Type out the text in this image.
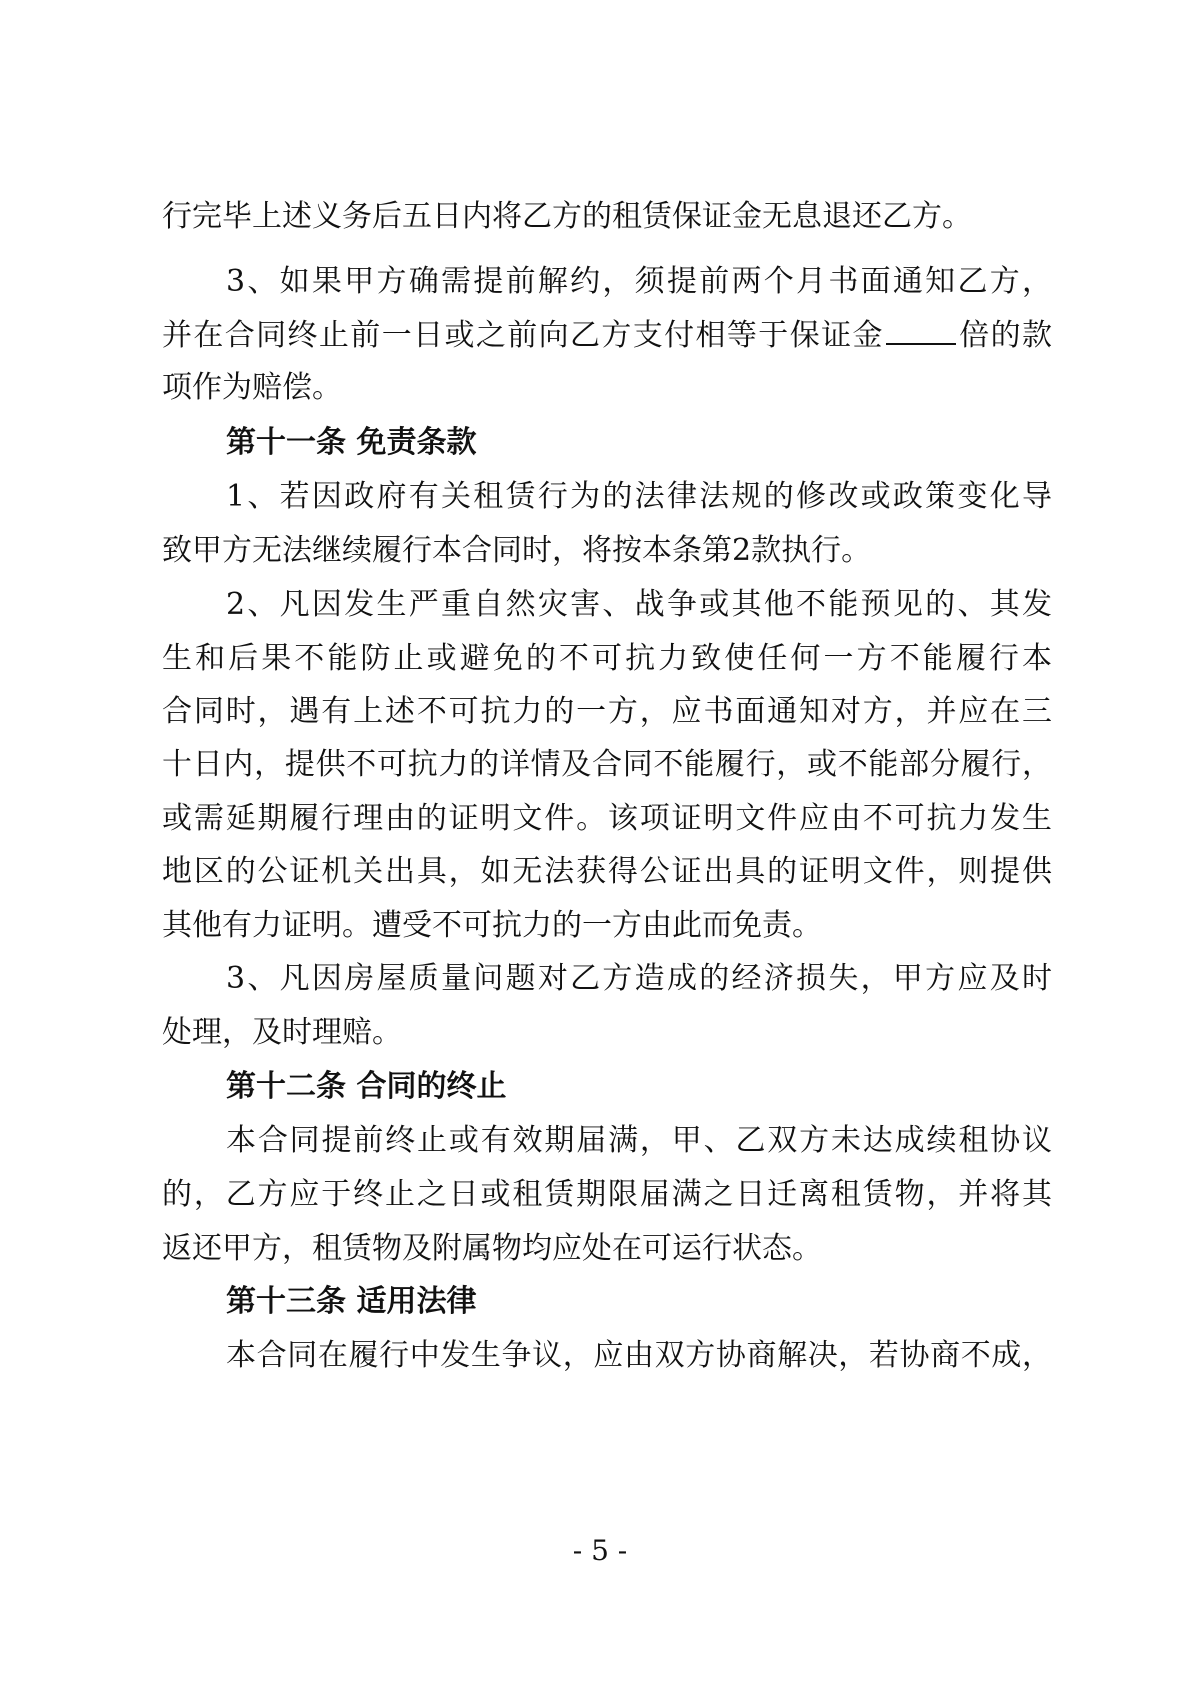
行完毕上述义务后五日内将乙方的租赁保证金无息退还乙方。
3、如果甲方确需提前解约，须提前两个月书面通知乙方，
并在合同终止前一日或之前向乙方支付相等于保证金 倍的款
项作为赔偿。
第十一条 免责条款
1、若因政府有关租赁行为的法律法规的修改或政策变化导
致甲方无法继续履行本合同时，将按本条第2款执行。
2、凡因发生严重自然灾害、战争或其他不能预见的、其发
生和后果不能防止或避免的不可抗力致使任何一方不能履行本
合同时，遇有上述不可抗力的一方，应书面通知对方，并应在三
十日内，提供不可抗力的详情及合同不能履行，或不能部分履行，
或需延期履行理由的证明文件。该项证明文件应由不可抗力发生
地区的公证机关出具，如无法获得公证出具的证明文件，则提供
其他有力证明。遭受不可抗力的一方由此而免责。
3、凡因房屋质量问题对乙方造成的经济损失，甲方应及时
处理，及时理赔。
第十二条 合同的终止
本合同提前终止或有效期届满，甲、乙双方未达成续租协议
的，乙方应于终止之日或租赁期限届满之日迁离租赁物，并将其
返还甲方，租赁物及附属物均应处在可运行状态。
第十三条 适用法律
本合同在履行中发生争议，应由双方协商解决，若协商不成，
- 5 -
